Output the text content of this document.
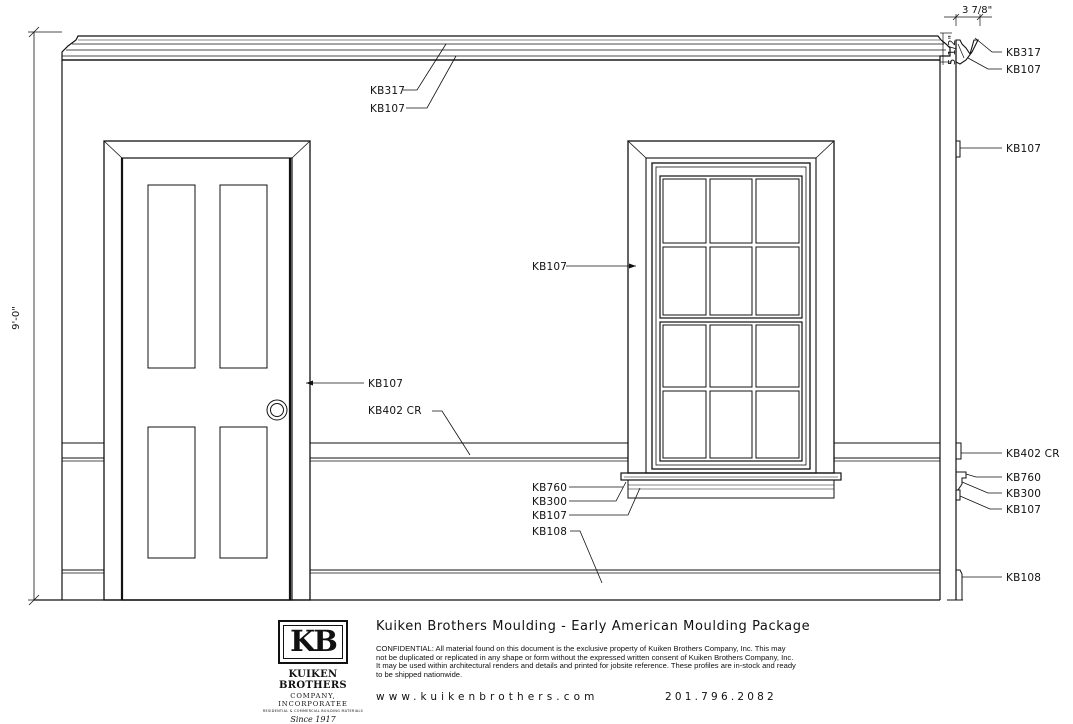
9'-0"
KB317
KB107
KB107
KB402 CR
KB107
KB760
KB300
KB107
KB108
3 7/8"
5 1/2"	KB317
KB107
KB107
KB402 CR
KB760
KB300
KB107
KB108
KB
KUIKEN BROTHERS
COMPANY, INCORPORATEE
RESIDENTIAL & COMMERCIAL BUILDING MATERIALS
Since 1917
Kuiken Brothers Moulding - Early American Moulding Package
CONFIDENTIAL: All material found on this document is the exclusive property of Kuiken Brothers Company, Inc. This may not be duplicated or replicated in any shape or form without the expressed written consent of Kuiken Brothers Company, Inc. It may be used within architectural renders and details and printed for jobsite reference. These profiles are in-stock and ready to be shipped nationwide.
www.kuikenbrothers.com	201.796.2082
